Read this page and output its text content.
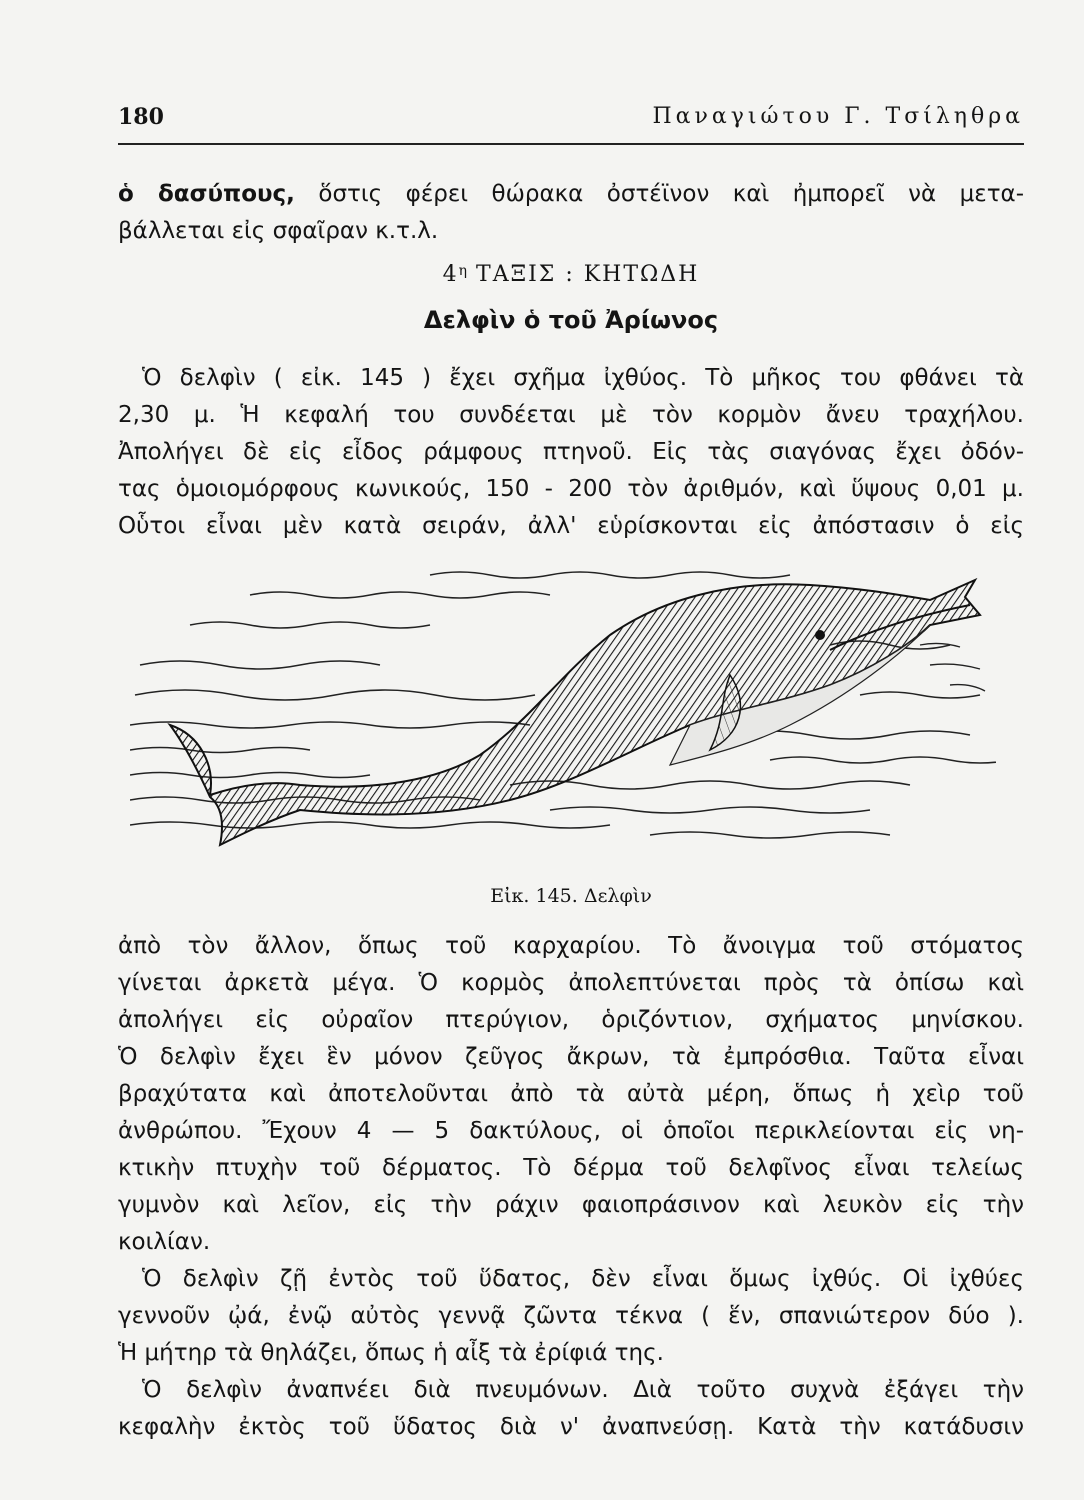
180	Παναγιώτου Γ. Τσίληθρα
ὁ δασύπους, ὅστις φέρει θώρακα ὀστέϊνον καὶ ἠμπορεῖ νὰ μετα-
βάλλεται εἰς σφαῖραν κ.τ.λ.
$4^\eta$ ΤΑΞΙΣ : ΚΗΤΩΔΗ
Δελφὶν ὁ τοῦ Ἀρίωνος
Ὁ δελφὶν ( εἰκ. 145 ) ἔχει σχῆμα ἰχθύος. Τὸ μῆκος του φθάνει τὰ
2,30 μ. Ἡ κεφαλή του συνδέεται μὲ τὸν κορμὸν ἄνευ τραχήλου.
Ἀπολήγει δὲ εἰς εἶδος ράμφους πτηνοῦ. Εἰς τὰς σιαγόνας ἔχει ὀδόν-
τας ὁμοιομόρφους κωνικούς, 150 - 200 τὸν ἀριθμόν, καὶ ὕψους 0,01 μ.
Οὗτοι εἶναι μὲν κατὰ σειράν, ἀλλ' εὑρίσκονται εἰς ἀπόστασιν ὁ εἰς
Εἰκ. 145. Δελφὶν
ἀπὸ τὸν ἄλλον, ὅπως τοῦ καρχαρίου. Τὸ ἄνοιγμα τοῦ στόματος
γίνεται ἀρκετὰ μέγα. Ὁ κορμὸς ἀπολεπτύνεται πρὸς τὰ ὀπίσω καὶ
ἀπολήγει εἰς οὐραῖον πτερύγιον, ὁριζόντιον, σχήματος μηνίσκου.
Ὁ δελφὶν ἔχει ἓν μόνον ζεῦγος ἄκρων, τὰ ἐμπρόσθια. Ταῦτα εἶναι
βραχύτατα καὶ ἀποτελοῦνται ἀπὸ τὰ αὐτὰ μέρη, ὅπως ἡ χεὶρ τοῦ
ἀνθρώπου. Ἔχουν 4 — 5 δακτύλους, οἱ ὁποῖοι περικλείονται εἰς νη-
κτικὴν πτυχὴν τοῦ δέρματος. Τὸ δέρμα τοῦ δελφῖνος εἶναι τελείως
γυμνὸν καὶ λεῖον, εἰς τὴν ράχιν φαιοπράσινον καὶ λευκὸν εἰς τὴν
κοιλίαν.
Ὁ δελφὶν ζῇ ἐντὸς τοῦ ὕδατος, δὲν εἶναι ὅμως ἰχθύς. Οἱ ἰχθύες
γεννοῦν ᾠά, ἐνῷ αὐτὸς γεννᾷ ζῶντα τέκνα ( ἕν, σπανιώτερον δύο ).
Ἡ μήτηρ τὰ θηλάζει, ὅπως ἡ αἶξ τὰ ἐρίφιά της.
Ὁ δελφὶν ἀναπνέει διὰ πνευμόνων. Διὰ τοῦτο συχνὰ ἐξάγει τὴν
κεφαλὴν ἐκτὸς τοῦ ὕδατος διὰ ν' ἀναπνεύσῃ. Κατὰ τὴν κατάδυσιν
